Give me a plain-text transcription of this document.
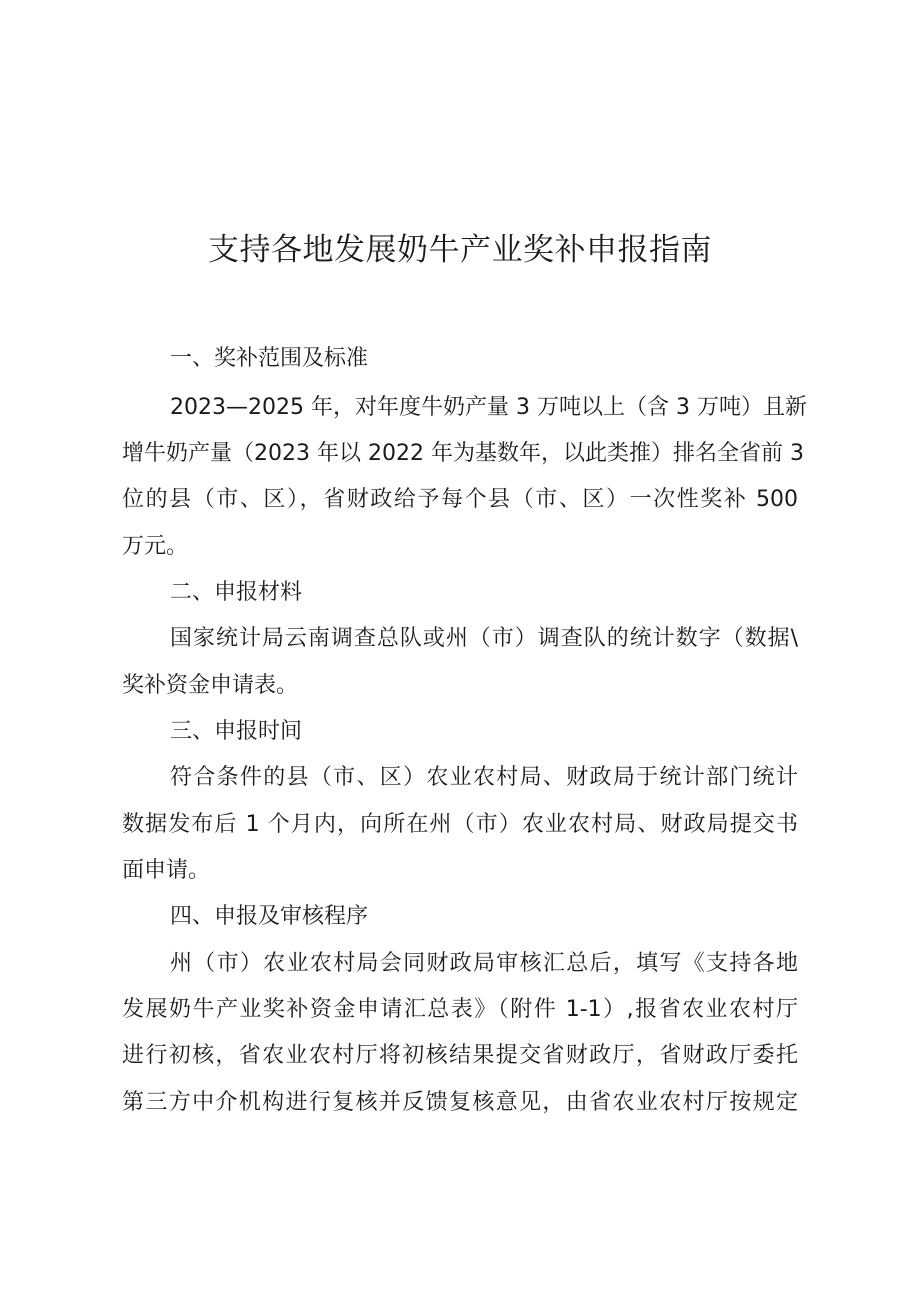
支持各地发展奶牛产业奖补申报指南

一、奖补范围及标准

2023—2025 年，对年度牛奶产量 3 万吨以上（含 3 万吨）且新

增牛奶产量（2023 年以 2022 年为基数年，以此类推）排名全省前 3

位的县（市、区），省财政给予每个县（市、区）一次性奖补 500

万元。

二、申报材料

国家统计局云南调查总队或州（市）调查队的统计数字（数据\

奖补资金申请表。

三、申报时间

符合条件的县（市、区）农业农村局、财政局于统计部门统计

数据发布后 1 个月内，向所在州（市）农业农村局、财政局提交书

面申请。

四、申报及审核程序

州（市）农业农村局会同财政局审核汇总后，填写《支持各地

发展奶牛产业奖补资金申请汇总表》（附件 1-1）,报省农业农村厅

进行初核，省农业农村厅将初核结果提交省财政厅，省财政厅委托

第三方中介机构进行复核并反馈复核意见，由省农业农村厅按规定
